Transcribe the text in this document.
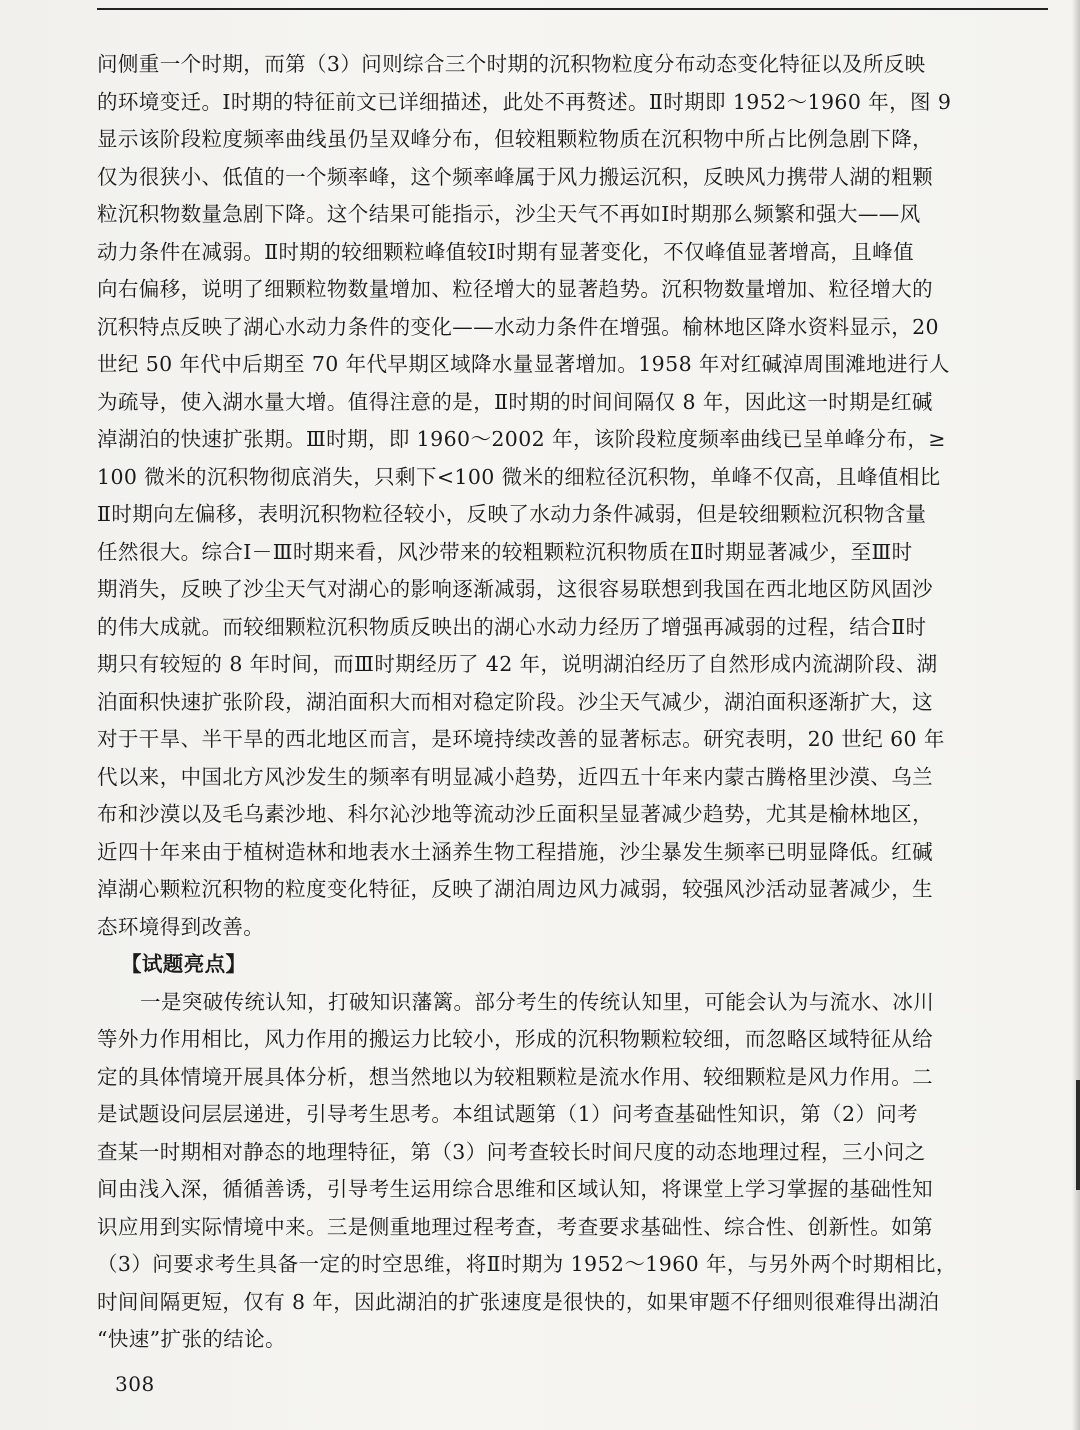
问侧重一个时期，而第（3）问则综合三个时期的沉积物粒度分布动态变化特征以及所反映
的环境变迁。Ⅰ时期的特征前文已详细描述，此处不再赘述。Ⅱ时期即 1952～1960 年，图 9
显示该阶段粒度频率曲线虽仍呈双峰分布，但较粗颗粒物质在沉积物中所占比例急剧下降，
仅为很狭小、低值的一个频率峰，这个频率峰属于风力搬运沉积，反映风力携带人湖的粗颗
粒沉积物数量急剧下降。这个结果可能指示，沙尘天气不再如Ⅰ时期那么频繁和强大——风
动力条件在减弱。Ⅱ时期的较细颗粒峰值较Ⅰ时期有显著变化，不仅峰值显著增高，且峰值
向右偏移，说明了细颗粒物数量增加、粒径增大的显著趋势。沉积物数量增加、粒径增大的
沉积特点反映了湖心水动力条件的变化——水动力条件在增强。榆林地区降水资料显示，20
世纪 50 年代中后期至 70 年代早期区域降水量显著增加。1958 年对红碱淖周围滩地进行人
为疏导，使入湖水量大增。值得注意的是，Ⅱ时期的时间间隔仅 8 年，因此这一时期是红碱
淖湖泊的快速扩张期。Ⅲ时期，即 1960～2002 年，该阶段粒度频率曲线已呈单峰分布，≥
100 微米的沉积物彻底消失，只剩下<100 微米的细粒径沉积物，单峰不仅高，且峰值相比
Ⅱ时期向左偏移，表明沉积物粒径较小，反映了水动力条件减弱，但是较细颗粒沉积物含量
任然很大。综合Ⅰ－Ⅲ时期来看，风沙带来的较粗颗粒沉积物质在Ⅱ时期显著减少，至Ⅲ时
期消失，反映了沙尘天气对湖心的影响逐渐减弱，这很容易联想到我国在西北地区防风固沙
的伟大成就。而较细颗粒沉积物质反映出的湖心水动力经历了增强再减弱的过程，结合Ⅱ时
期只有较短的 8 年时间，而Ⅲ时期经历了 42 年，说明湖泊经历了自然形成内流湖阶段、湖
泊面积快速扩张阶段，湖泊面积大而相对稳定阶段。沙尘天气减少，湖泊面积逐渐扩大，这
对于干旱、半干旱的西北地区而言，是环境持续改善的显著标志。研究表明，20 世纪 60 年
代以来，中国北方风沙发生的频率有明显减小趋势，近四五十年来内蒙古腾格里沙漠、乌兰
布和沙漠以及毛乌素沙地、科尔沁沙地等流动沙丘面积呈显著减少趋势，尤其是榆林地区，
近四十年来由于植树造林和地表水土涵养生物工程措施，沙尘暴发生频率已明显降低。红碱
淖湖心颗粒沉积物的粒度变化特征，反映了湖泊周边风力减弱，较强风沙活动显著减少，生
态环境得到改善。
【试题亮点】
一是突破传统认知，打破知识藩篱。部分考生的传统认知里，可能会认为与流水、冰川
等外力作用相比，风力作用的搬运力比较小，形成的沉积物颗粒较细，而忽略区域特征从给
定的具体情境开展具体分析，想当然地以为较粗颗粒是流水作用、较细颗粒是风力作用。二
是试题设问层层递进，引导考生思考。本组试题第（1）问考查基础性知识，第（2）问考
查某一时期相对静态的地理特征，第（3）问考查较长时间尺度的动态地理过程，三小问之
间由浅入深，循循善诱，引导考生运用综合思维和区域认知，将课堂上学习掌握的基础性知
识应用到实际情境中来。三是侧重地理过程考查，考查要求基础性、综合性、创新性。如第
（3）问要求考生具备一定的时空思维，将Ⅱ时期为 1952～1960 年，与另外两个时期相比，
时间间隔更短，仅有 8 年，因此湖泊的扩张速度是很快的，如果审题不仔细则很难得出湖泊
“快速”扩张的结论。
308
